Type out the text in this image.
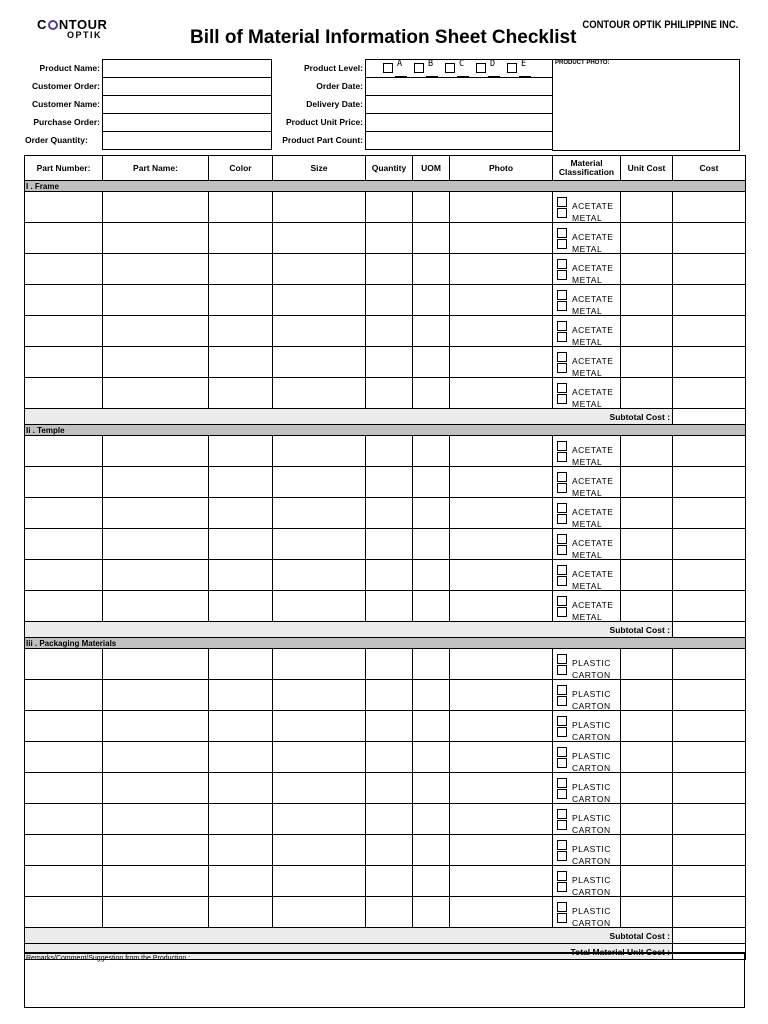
C NTOUR
OPTIK	Bill of Material Information Sheet Checklist
CONTOUR OPTIK PHILIPPINE INC.
Product Name:
Customer Order:
Customer Name:
Purchase Order:
Order Quantity:
Product Level:
Order Date:
Delivery Date:
Product Unit Price:
Product Part Count:
A	B	C	D	E	PRODUCT PHOTO:
Part Number:	Part Name:	Color	Size	Quantity	UOM	Photo	Material Classification	Unit Cost	Cost
I . Frame									

							ACETATE
METAL		

							ACETATE
METAL		

							ACETATE
METAL		

							ACETATE
METAL		

							ACETATE
METAL		

							ACETATE
METAL		

							ACETATE
METAL		

Subtotal Cost :									
Ii . Temple									

							ACETATE
METAL		

							ACETATE
METAL		

							ACETATE
METAL		

							ACETATE
METAL		

							ACETATE
METAL		

							ACETATE
METAL		

Subtotal Cost :									
Iii . Packaging Materials									

							PLASTIC
CARTON		

							PLASTIC
CARTON		

							PLASTIC
CARTON		

							PLASTIC
CARTON		

							PLASTIC
CARTON		

							PLASTIC
CARTON		

							PLASTIC
CARTON		

							PLASTIC
CARTON		

							PLASTIC
CARTON		

Subtotal Cost :									
Total Material Unit Cost :									
Remarks/Comment/Suggestion from the Production :
